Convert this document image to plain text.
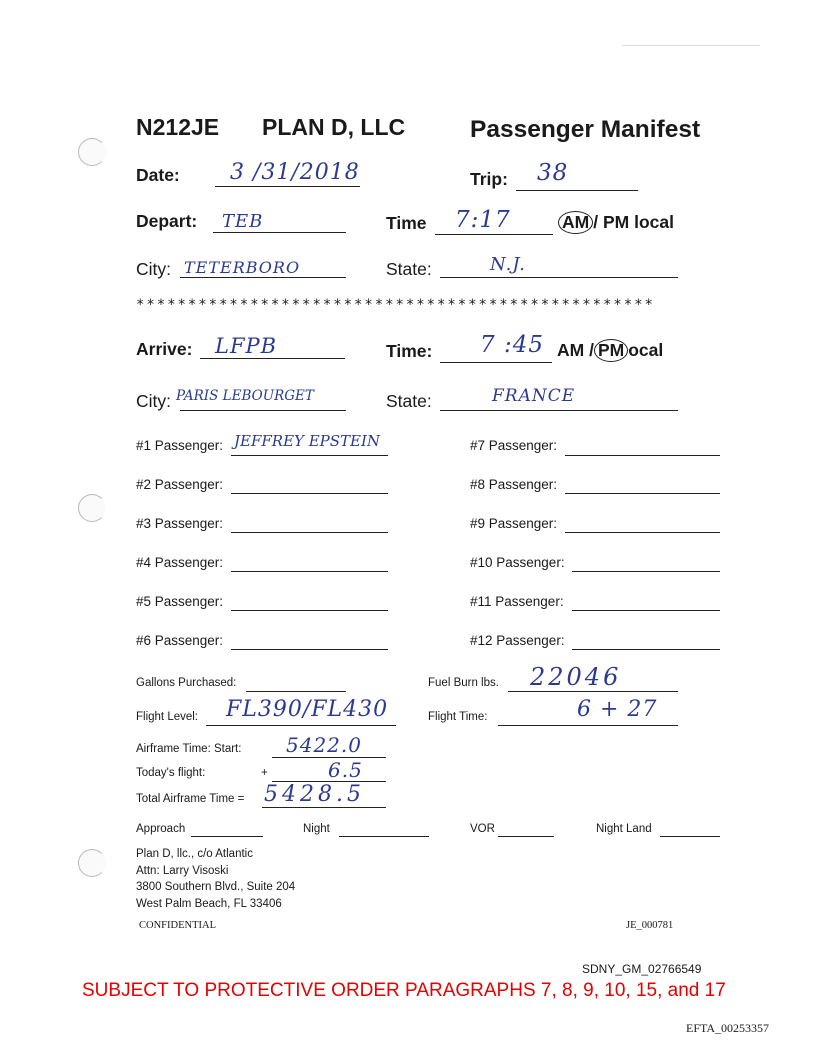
N212JE PLAN D, LLC	Passenger Manifest
Date: 3 /31/2018	Trip: 38
Depart: TEB	Time 7:17	AM / PM local
City: TETERBORO	State:	N.J.
**************************************************
Arrive: LFPB	Time: 7 :45 AM / PM ocal
City: PARIS LEBOURGET	State:	FRANCE
#1 Passenger: JEFFREY EPSTEIN
#2 Passenger:
#3 Passenger:
#4 Passenger:
#5 Passenger:
#6 Passenger:
#7 Passenger:
#8 Passenger:
#9 Passenger:
#10 Passenger:
#11 Passenger:
#12 Passenger:
Gallons Purchased:	Fuel Burn lbs. 22046
Flight Level: FL390/FL430	Flight Time:	6 + 27
Airframe Time: Start: 5422.0
Today's flight:	+	6.5
Total Airframe Time = 5428.5
Approach	Night	VOR	Night Land
Plan D, llc., c/o Atlantic
Attn: Larry Visoski
3800 Southern Blvd., Suite 204
West Palm Beach, FL 33406
CONFIDENTIAL	JE_000781
SDNY_GM_02766549
SUBJECT TO PROTECTIVE ORDER PARAGRAPHS 7, 8, 9, 10, 15, and 17
EFTA_00253357
